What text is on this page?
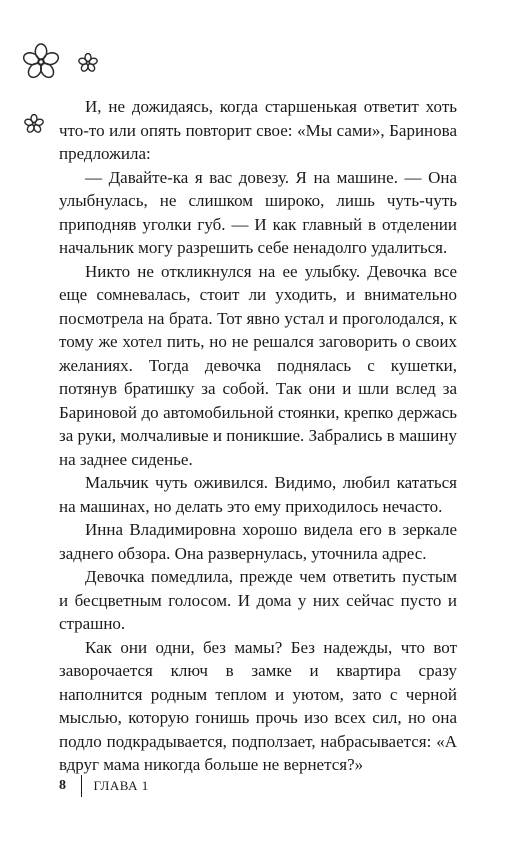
И, не дожидаясь, когда старшенькая ответит хоть что-то или опять повторит свое: «Мы сами», Баринова предложила:

— Давайте-ка я вас довезу. Я на машине. — Она улыбнулась, не слишком широко, лишь чуть-чуть приподняв уголки губ. — И как главный в отделении начальник могу разрешить себе ненадолго удалиться.

Никто не откликнулся на ее улыбку. Девочка все еще сомневалась, стоит ли уходить, и внимательно посмотрела на брата. Тот явно устал и проголодался, к тому же хотел пить, но не решался заговорить о своих желаниях. Тогда девочка поднялась с кушетки, потянув братишку за собой. Так они и шли вслед за Бариновой до автомобильной стоянки, крепко держась за руки, молчаливые и поникшие. Забрались в машину на заднее сиденье.

Мальчик чуть оживился. Видимо, любил кататься на машинах, но делать это ему приходилось нечасто.

Инна Владимировна хорошо видела его в зеркале заднего обзора. Она развернулась, уточнила адрес.

Девочка помедлила, прежде чем ответить пустым и бесцветным голосом. И дома у них сейчас пусто и страшно.

Как они одни, без мамы? Без надежды, что вот заворочается ключ в замке и квартира сразу наполнится родным теплом и уютом, зато с черной мыслью, которую гонишь прочь изо всех сил, но она подло подкрадывается, подползает, набрасывается: «А вдруг мама никогда больше не вернется?»

8 ГЛАВА 1
